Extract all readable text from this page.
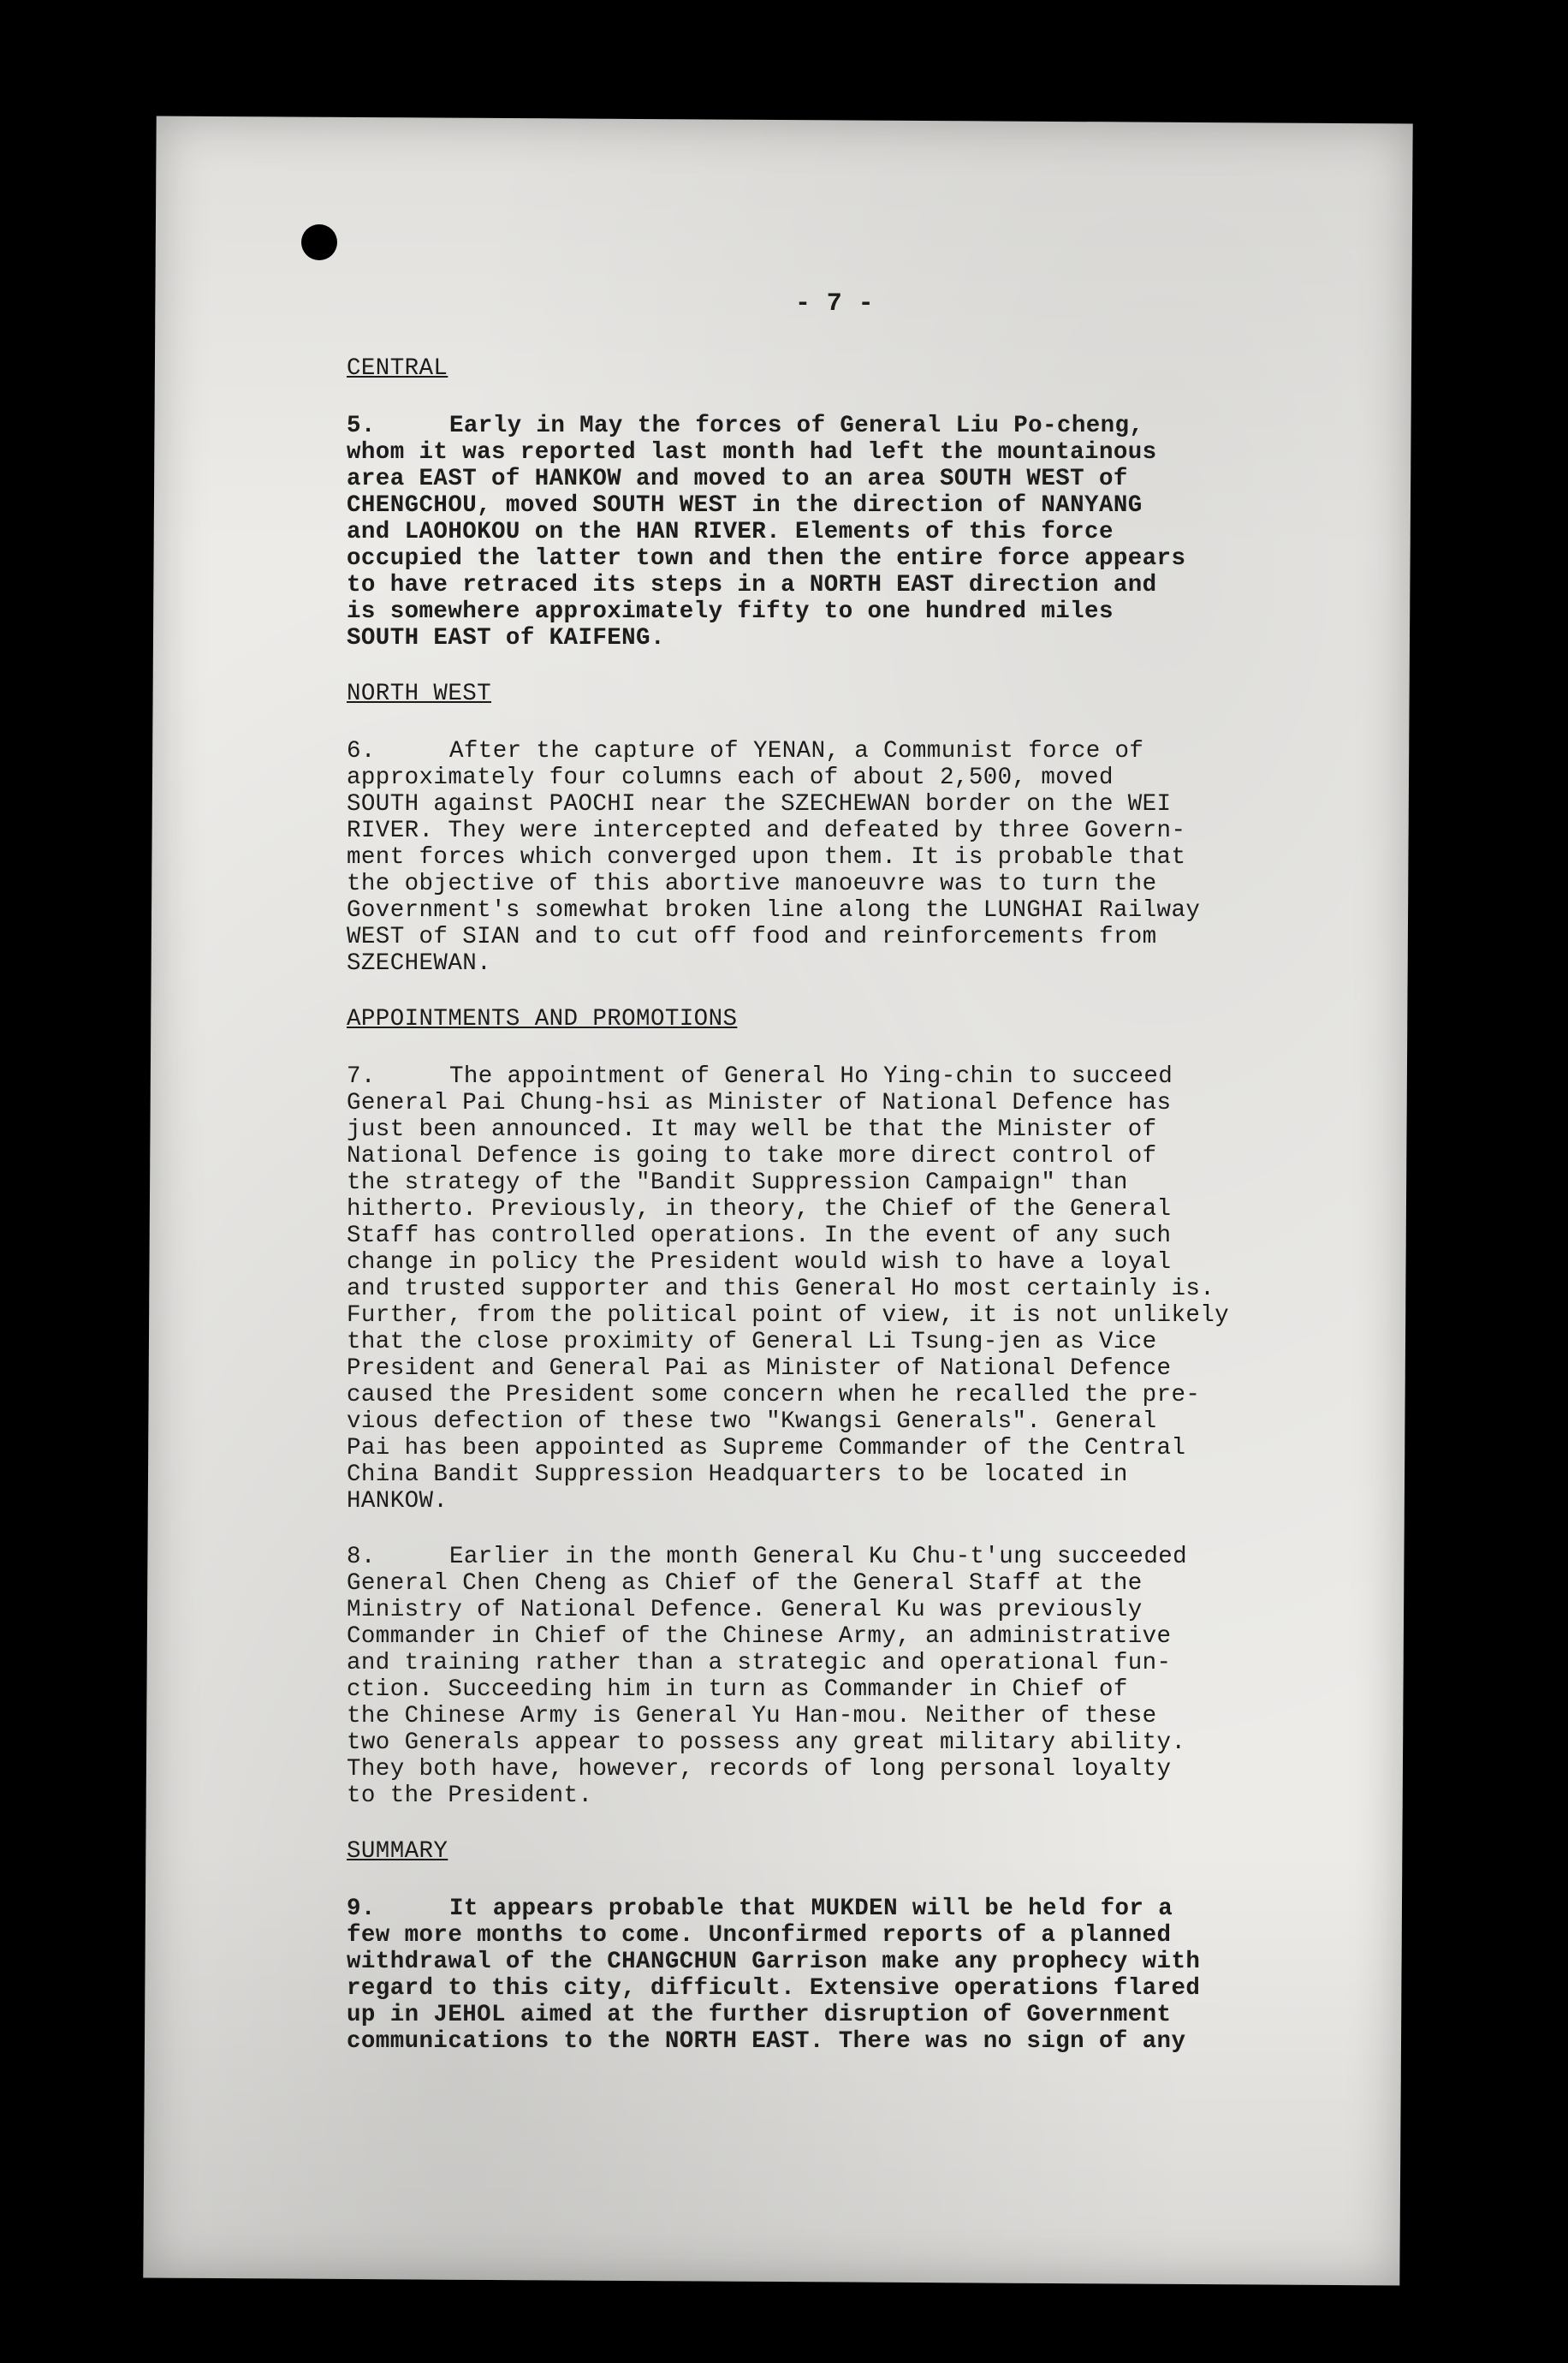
- 7 -
CENTRAL
5.	Early in May the forces of General Liu Po-cheng,
whom it was reported last month had left the mountainous
area EAST of HANKOW and moved to an area SOUTH WEST of
CHENGCHOU, moved SOUTH WEST in the direction of NANYANG
and LAOHOKOU on the HAN RIVER. Elements of this force
occupied the latter town and then the entire force appears
to have retraced its steps in a NORTH EAST direction and
is somewhere approximately fifty to one hundred miles
SOUTH EAST of KAIFENG.
NORTH WEST
6.	After the capture of YENAN, a Communist force of
approximately four columns each of about 2,500, moved
SOUTH against PAOCHI near the SZECHEWAN border on the WEI
RIVER. They were intercepted and defeated by three Govern-
ment forces which converged upon them. It is probable that
the objective of this abortive manoeuvre was to turn the
Government's somewhat broken line along the LUNGHAI Railway
WEST of SIAN and to cut off food and reinforcements from
SZECHEWAN.
APPOINTMENTS AND PROMOTIONS
7.	The appointment of General Ho Ying-chin to succeed
General Pai Chung-hsi as Minister of National Defence has
just been announced. It may well be that the Minister of
National Defence is going to take more direct control of
the strategy of the "Bandit Suppression Campaign" than
hitherto. Previously, in theory, the Chief of the General
Staff has controlled operations. In the event of any such
change in policy the President would wish to have a loyal
and trusted supporter and this General Ho most certainly is.
Further, from the political point of view, it is not unlikely
that the close proximity of General Li Tsung-jen as Vice
President and General Pai as Minister of National Defence
caused the President some concern when he recalled the pre-
vious defection of these two "Kwangsi Generals". General
Pai has been appointed as Supreme Commander of the Central
China Bandit Suppression Headquarters to be located in
HANKOW.
8.	Earlier in the month General Ku Chu-t'ung succeeded
General Chen Cheng as Chief of the General Staff at the
Ministry of National Defence. General Ku was previously
Commander in Chief of the Chinese Army, an administrative
and training rather than a strategic and operational fun-
ction. Succeeding him in turn as Commander in Chief of
the Chinese Army is General Yu Han-mou. Neither of these
two Generals appear to possess any great military ability.
They both have, however, records of long personal loyalty
to the President.
SUMMARY
9.	It appears probable that MUKDEN will be held for a
few more months to come. Unconfirmed reports of a planned
withdrawal of the CHANGCHUN Garrison make any prophecy with
regard to this city, difficult. Extensive operations flared
up in JEHOL aimed at the further disruption of Government
communications to the NORTH EAST. There was no sign of any
